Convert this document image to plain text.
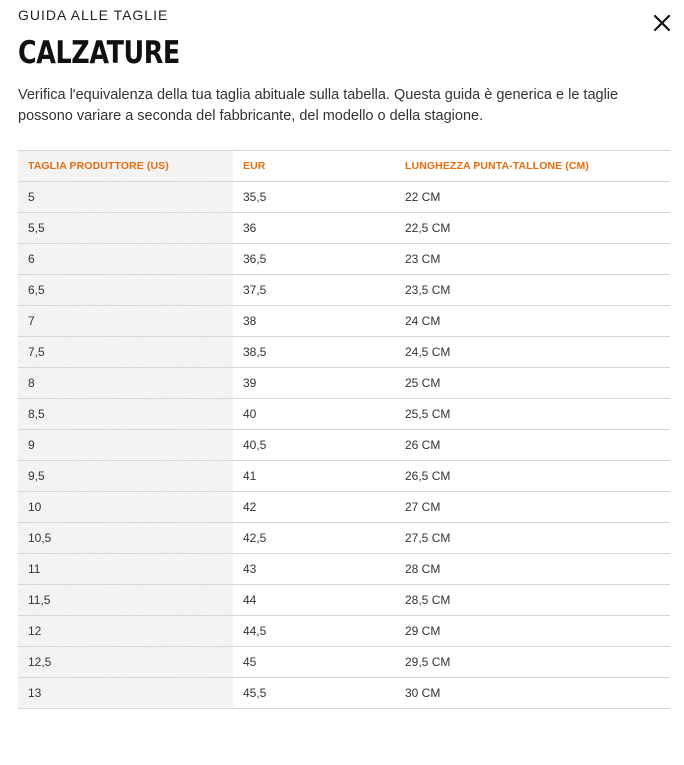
GUIDA ALLE TAGLIE
CALZATURE

Verifica l'equivalenza della tua taglia abituale sulla tabella. Questa guida è generica e le taglie possono variare a seconda del fabbricante, del modello o della stagione.

TAGLIA PRODUTTORE (US)	EUR	LUNGHEZZA PUNTA-TALLONE (CM)
5	35,5	22 CM
5,5	36	22,5 CM
6	36,5	23 CM
6,5	37,5	23,5 CM
7	38	24 CM
7,5	38,5	24,5 CM
8	39	25 CM
8,5	40	25,5 CM
9	40,5	26 CM
9,5	41	26,5 CM
10	42	27 CM
10,5	42,5	27,5 CM
11	43	28 CM
11,5	44	28,5 CM
12	44,5	29 CM
12,5	45	29,5 CM
13	45,5	30 CM
